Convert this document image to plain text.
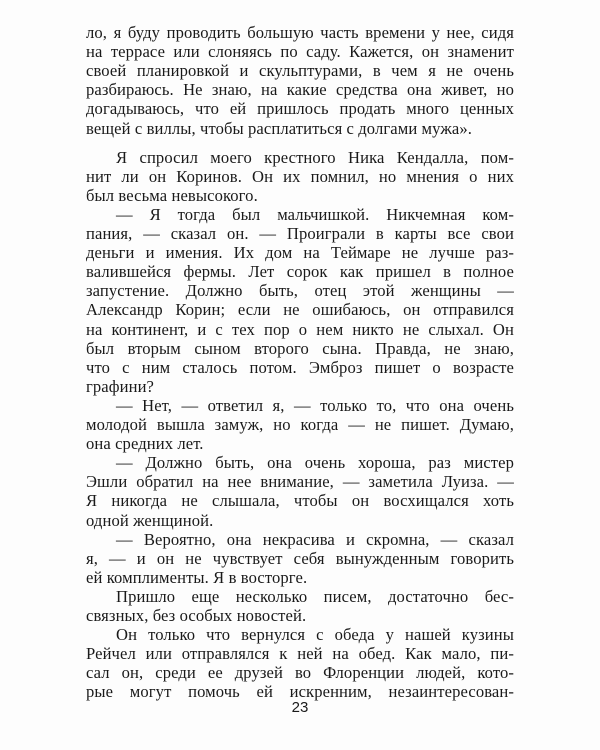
ло, я буду проводить большую часть времени у нее, сидя
на террасе или слоняясь по саду. Кажется, он знаменит
своей планировкой и скульптурами, в чем я не очень
разбираюсь. Не знаю, на какие средства она живет, но
догадываюсь, что ей пришлось продать много ценных
вещей с виллы, чтобы расплатиться с долгами мужа».
Я спросил моего крестного Ника Кендалла, пом-
нит ли он Коринов. Он их помнил, но мнения о них
был весьма невысокого.
— Я тогда был мальчишкой. Никчемная ком-
пания, — сказал он. — Проиграли в карты все свои
деньги и имения. Их дом на Теймаре не лучше раз-
валившейся фермы. Лет сорок как пришел в полное
запустение. Должно быть, отец этой женщины —
Александр Корин; если не ошибаюсь, он отправился
на континент, и с тех пор о нем никто не слыхал. Он
был вторым сыном второго сына. Правда, не знаю,
что с ним сталось потом. Эмброз пишет о возрасте
графини?
— Нет, — ответил я, — только то, что она очень
молодой вышла замуж, но когда — не пишет. Думаю,
она средних лет.
— Должно быть, она очень хороша, раз мистер
Эшли обратил на нее внимание, — заметила Луиза. —
Я никогда не слышала, чтобы он восхищался хоть
одной женщиной.
— Вероятно, она некрасива и скромна, — сказал
я, — и он не чувствует себя вынужденным говорить
ей комплименты. Я в восторге.
Пришло еще несколько писем, достаточно бес-
связных, без особых новостей.
Он только что вернулся с обеда у нашей кузины
Рейчел или отправлялся к ней на обед. Как мало, пи-
сал он, среди ее друзей во Флоренции людей, кото-
рые могут помочь ей искренним, незаинтересован-
23
